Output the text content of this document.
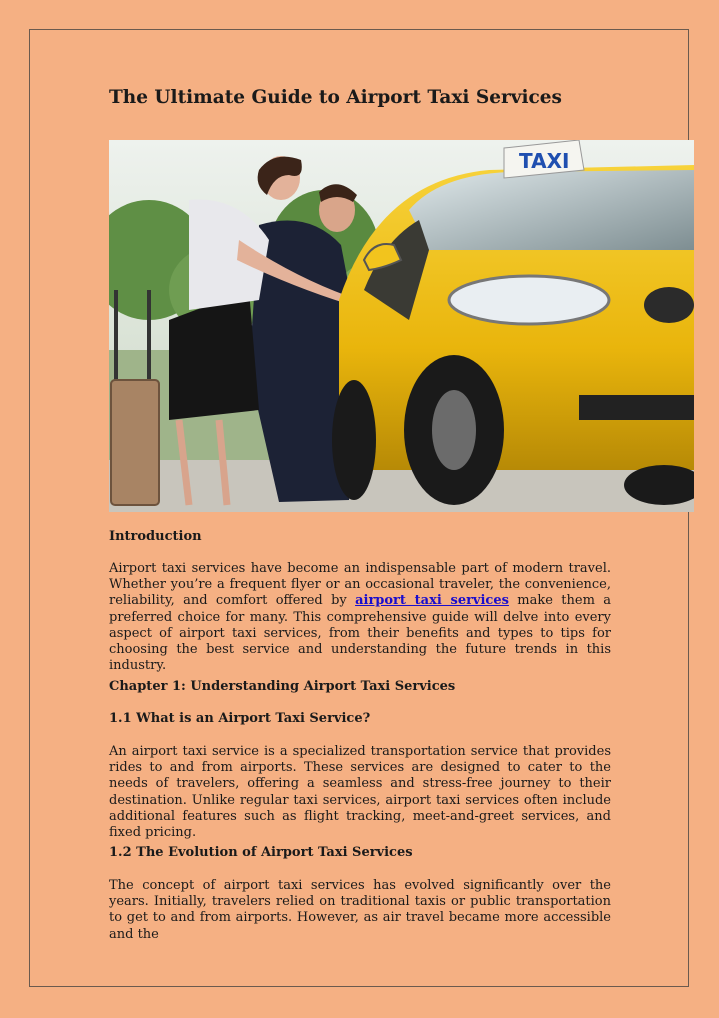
The Ultimate Guide to Airport Taxi Services
TAXI

Introduction

Airport taxi services have become an indispensable part of modern travel. Whether you’re a frequent flyer or an occasional traveler, the convenience, reliability, and comfort offered by airport taxi services make them a preferred choice for many. This comprehensive guide will delve into every aspect of airport taxi services, from their benefits and types to tips for choosing the best service and understanding the future trends in this industry.

Chapter 1: Understanding Airport Taxi Services

1.1 What is an Airport Taxi Service?

An airport taxi service is a specialized transportation service that provides rides to and from airports. These services are designed to cater to the needs of travelers, offering a seamless and stress-free journey to their destination. Unlike regular taxi services, airport taxi services often include additional features such as flight tracking, meet-and-greet services, and fixed pricing.

1.2 The Evolution of Airport Taxi Services

The concept of airport taxi services has evolved significantly over the years. Initially, travelers relied on traditional taxis or public transportation to get to and from airports. However, as air travel became more accessible and the
